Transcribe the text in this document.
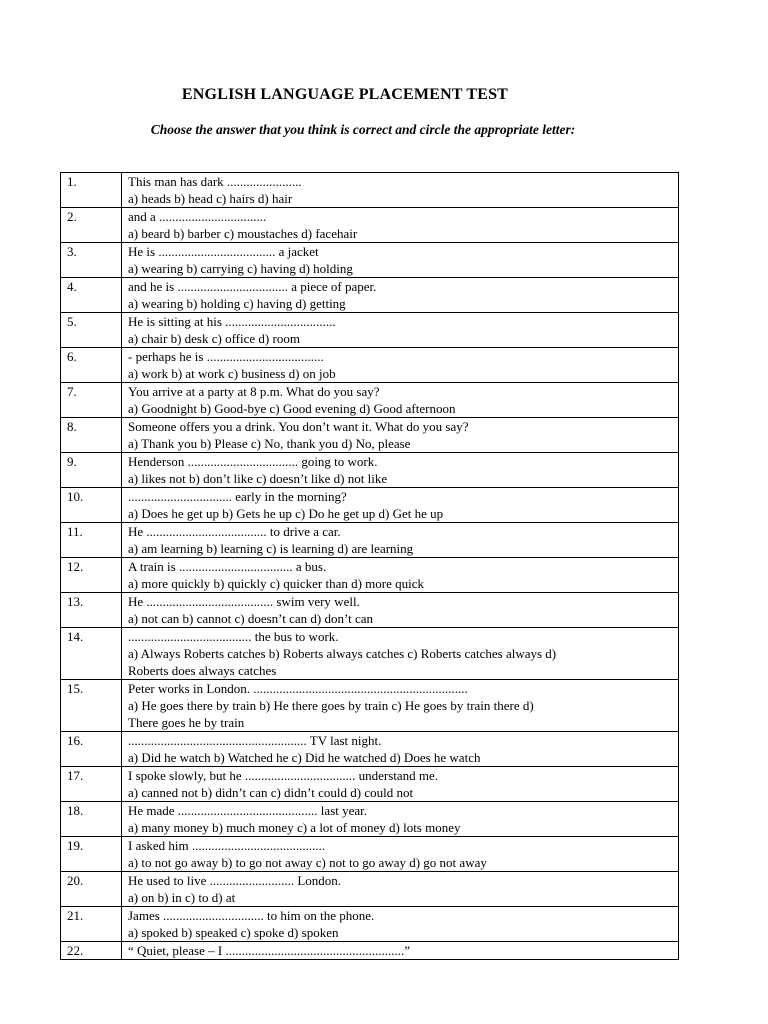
ENGLISH LANGUAGE PLACEMENT TEST

Choose the answer that you think is correct and circle the appropriate letter:

1.	This man has dark .......................
a) heads b) head c) hairs d) hair

2.	and a .................................
a) beard b) barber c) moustaches d) facehair

3.	He is .................................... a jacket
a) wearing b) carrying c) having d) holding

4.	and he is .................................. a piece of paper.
a) wearing b) holding c) having d) getting

5.	He is sitting at his ..................................
a) chair b) desk c) office d) room

6.	- perhaps he is ....................................
a) work b) at work c) business d) on job

7.	You arrive at a party at 8 p.m. What do you say?
a) Goodnight b) Good-bye c) Good evening d) Good afternoon

8.	Someone offers you a drink. You don’t want it. What do you say?
a) Thank you b) Please c) No, thank you d) No, please

9.	Henderson .................................. going to work.
a) likes not b) don’t like c) doesn’t like d) not like

10.	................................ early in the morning?
a) Does he get up b) Gets he up c) Do he get up d) Get he up

11.	He ..................................... to drive a car.
a) am learning b) learning c) is learning d) are learning

12.	A train is ................................... a bus.
a) more quickly b) quickly c) quicker than d) more quick

13.	He ....................................... swim very well.
a) not can b) cannot c) doesn’t can d) don’t can

14.	...................................... the bus to work.
a) Always Roberts catches b) Roberts always catches c) Roberts catches always d)
Roberts does always catches

15.	Peter works in London. ..................................................................
a) He goes there by train b) He there goes by train c) He goes by train there d)
There goes he by train

16.	....................................................... TV last night.
a) Did he watch b) Watched he c) Did he watched d) Does he watch

17.	I spoke slowly, but he .................................. understand me.
a) canned not b) didn’t can c) didn’t could d) could not

18.	He made ........................................... last year.
a) many money b) much money c) a lot of money d) lots money

19.	I asked him .........................................
a) to not go away b) to go not away c) not to go away d) go not away

20.	He used to live .......................... London.
a) on b) in c) to d) at

21.	James ............................... to him on the phone.
a) spoked b) speaked c) spoke d) spoken

22.	“ Quiet, please – I .......................................................”
